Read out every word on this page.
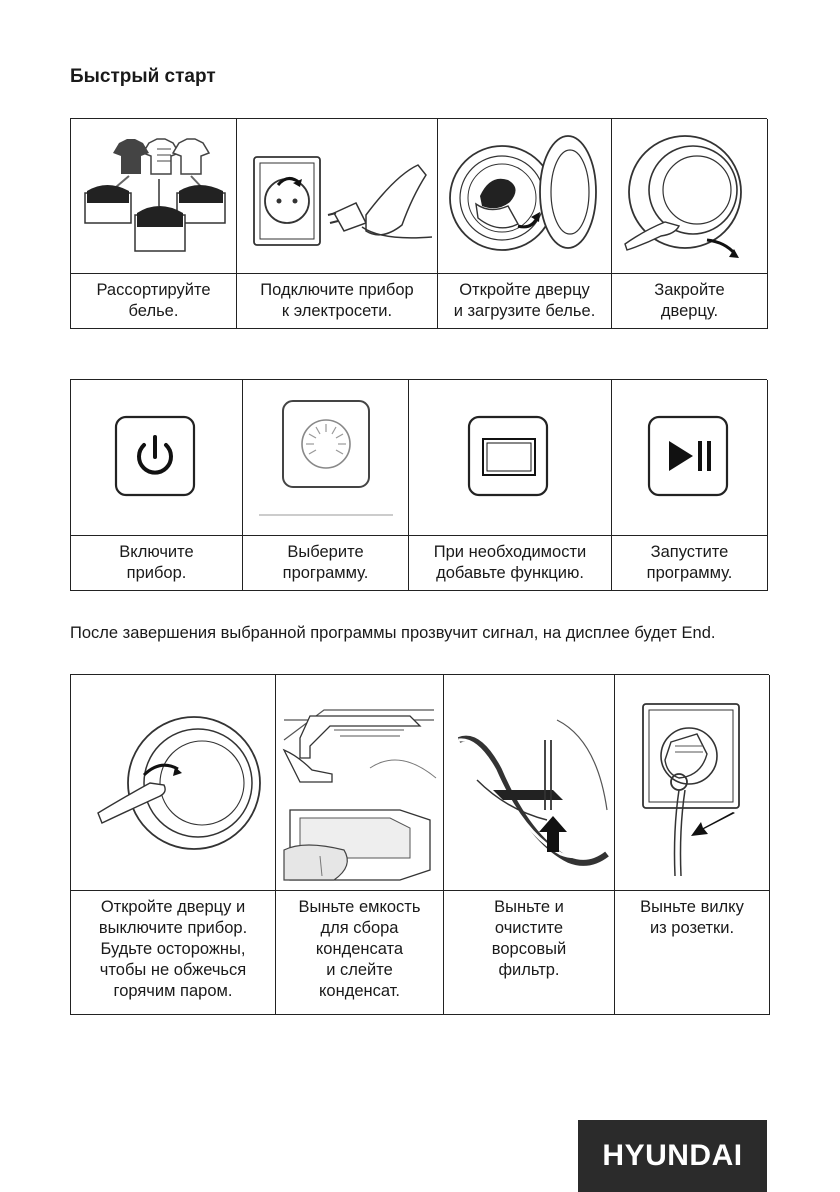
Быстрый старт
Рассортируйте
белье.
Подключите прибор
к электросети.
Откройте дверцу
и загрузите белье.
Закройте
дверцу.
Включите
прибор.
Выберите
программу.
При необходимости
добавьте функцию.
Запустите
программу.
После завершения выбранной программы прозвучит сигнал, на дисплее будет End.
Откройте дверцу и
выключите прибор.
Будьте осторожны,
чтобы не обжечься
горячим паром.
Выньте емкость
для сбора
конденсата
и слейте
конденсат.
Выньте и
очистите
ворсовый
фильтр.
Выньте вилку
из розетки.
HYUNDAI
